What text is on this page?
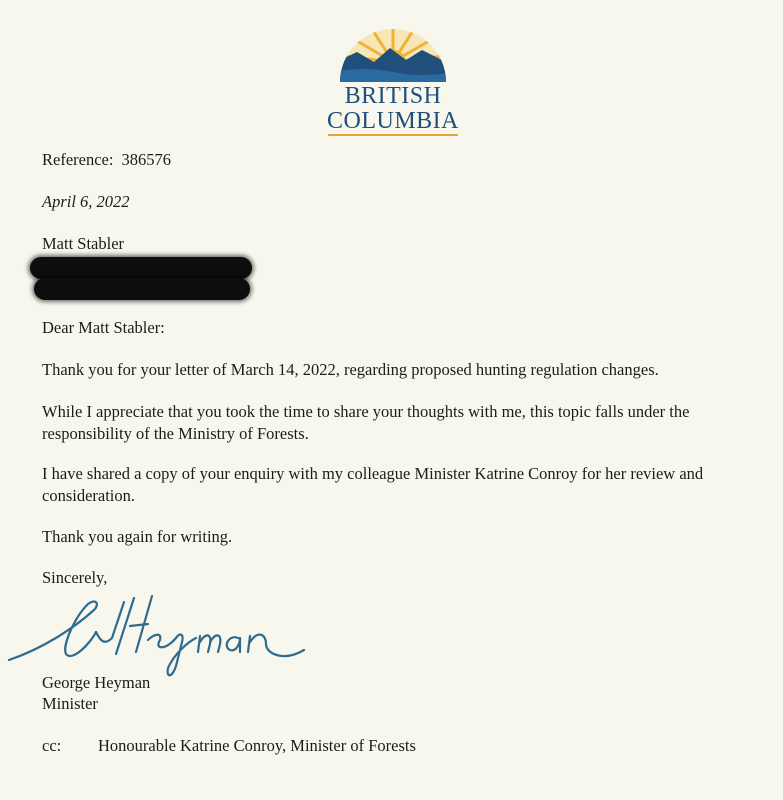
BRITISH
COLUMBIA
Reference: 386576
April 6, 2022
Matt Stabler
Dear Matt Stabler:
Thank you for your letter of March 14, 2022, regarding proposed hunting regulation changes.
While I appreciate that you took the time to share your thoughts with me, this topic falls under the responsibility of the Ministry of Forests.
I have shared a copy of your enquiry with my colleague Minister Katrine Conroy for her review and consideration.
Thank you again for writing.
Sincerely,
George Heyman
Minister
cc: Honourable Katrine Conroy, Minister of Forests
